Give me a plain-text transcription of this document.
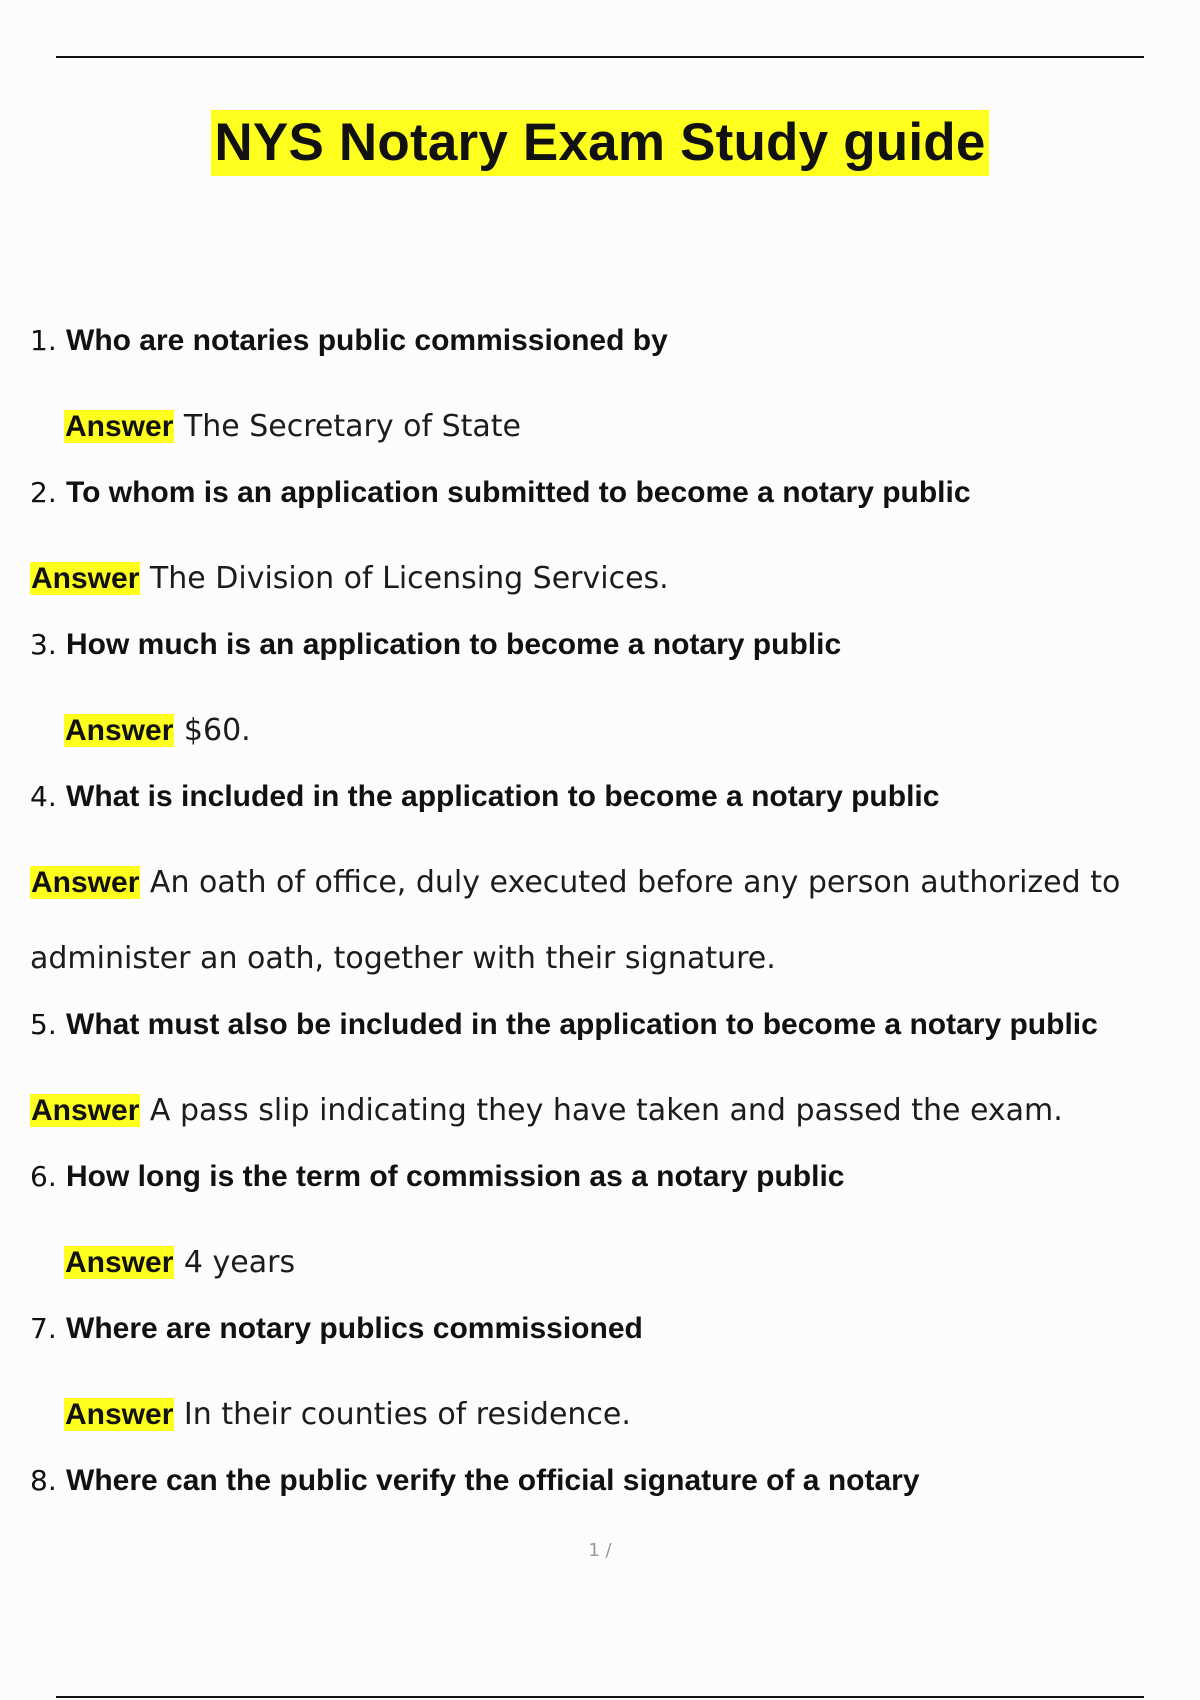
NYS Notary Exam Study guide
1. Who are notaries public commissioned by
Answer The Secretary of State
2. To whom is an application submitted to become a notary public
Answer The Division of Licensing Services.
3. How much is an application to become a notary public
Answer $60.
4. What is included in the application to become a notary public
Answer An oath of office, duly executed before any person authorized to administer an oath, together with their signature.
5. What must also be included in the application to become a notary public
Answer A pass slip indicating they have taken and passed the exam.
6. How long is the term of commission as a notary public
Answer 4 years
7. Where are notary publics commissioned
Answer In their counties of residence.
8. Where can the public verify the official signature of a notary
1 /
